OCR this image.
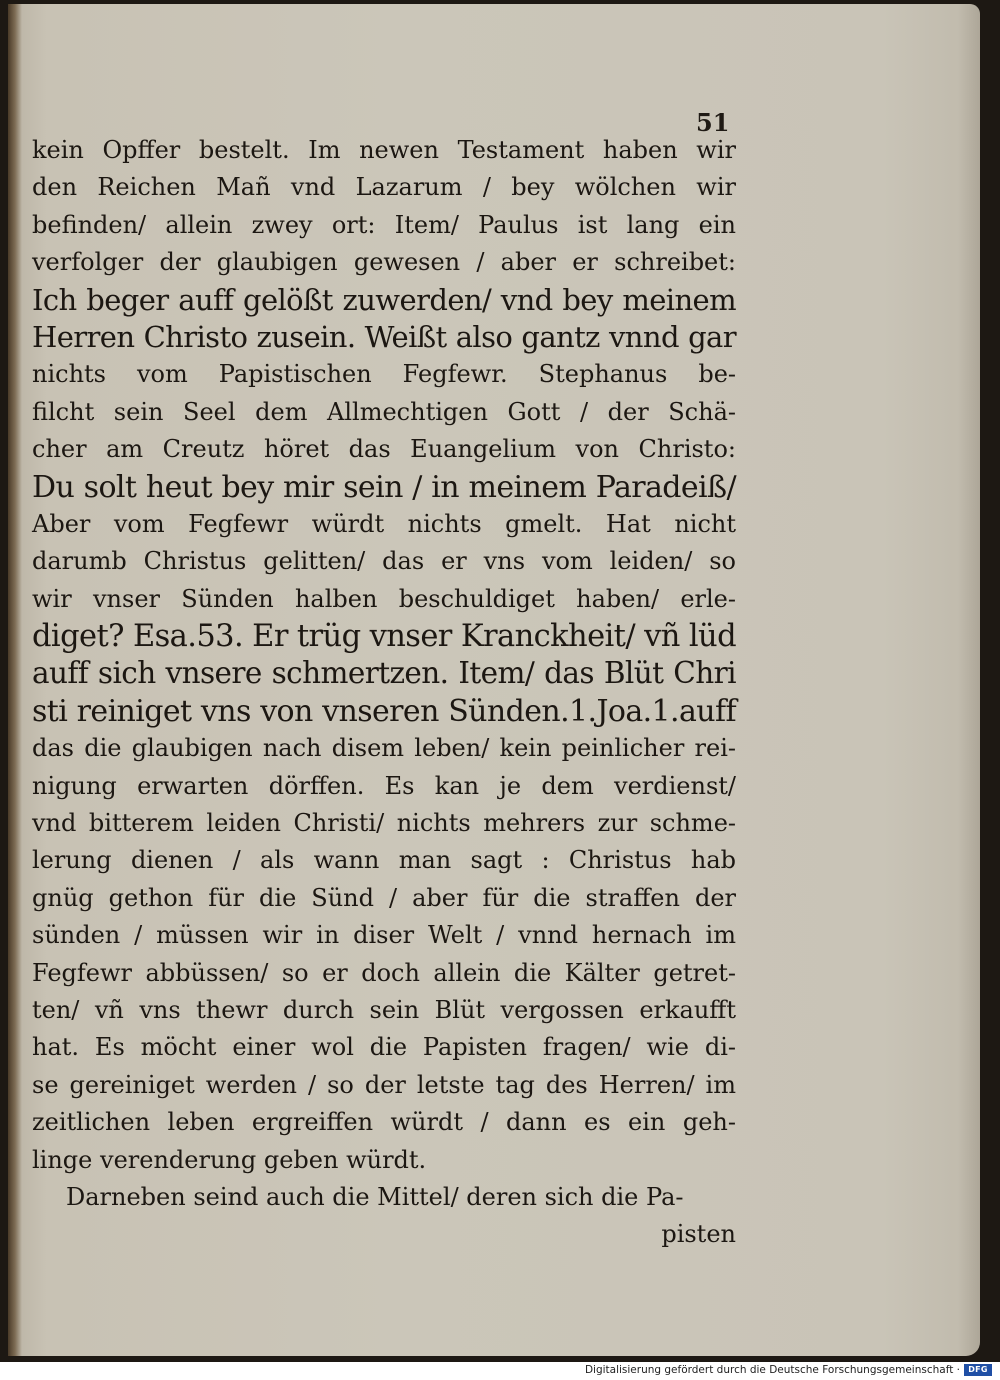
51
kein Opffer bestelt. Im newen Testament haben wir
den Reichen Mañ vnd Lazarum / bey wölchen wir
befinden/ allein zwey ort: Item/ Paulus ist lang ein
verfolger der glaubigen gewesen / aber er schreibet:
Ich beger auff gelößt zuwerden/ vnd bey meinem
Herren Christo zusein. Weißt also gantz vnnd gar
nichts vom Papistischen Fegfewr. Stephanus be-
filcht sein Seel dem Allmechtigen Gott / der Schä-
cher am Creutz höret das Euangelium von Christo:
Du solt heut bey mir sein / in meinem Paradeiß/
Aber vom Fegfewr würdt nichts gmelt. Hat nicht
darumb Christus gelitten/ das er vns vom leiden/ so
wir vnser Sünden halben beschuldiget haben/ erle-
diget? Esa.53. Er trüg vnser Kranckheit/ vñ lüd
auff sich vnsere schmertzen. Item/ das Blüt Chri
sti reiniget vns von vnseren Sünden.1.Joa.1.auff
das die glaubigen nach disem leben/ kein peinlicher rei-
nigung erwarten dörffen. Es kan je dem verdienst/
vnd bitterem leiden Christi/ nichts mehrers zur schme-
lerung dienen / als wann man sagt : Christus hab
gnüg gethon für die Sünd / aber für die straffen der
sünden / müssen wir in diser Welt / vnnd hernach im
Fegfewr abbüssen/ so er doch allein die Kälter getret-
ten/ vñ vns thewr durch sein Blüt vergossen erkaufft
hat. Es möcht einer wol die Papisten fragen/ wie di-
se gereiniget werden / so der letste tag des Herren/ im
zeitlichen leben ergreiffen würdt / dann es ein geh-
linge verenderung geben würdt.
Darneben seind auch die Mittel/ deren sich die Pa-
pisten
Digitalisierung gefördert durch die Deutsche Forschungsgemeinschaft ·	DFG
